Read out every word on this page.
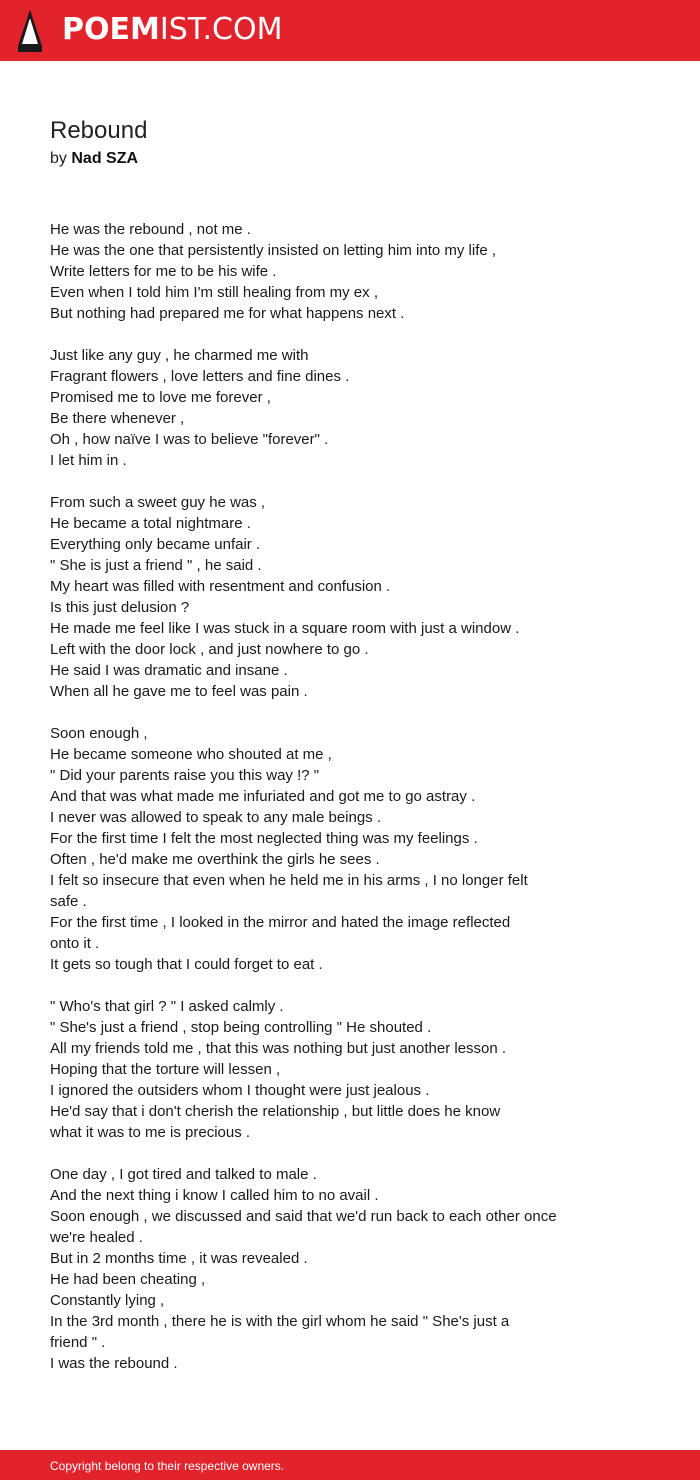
POEMIST.COM
Rebound
by Nad SZA
He was the rebound , not me .
He was the one that persistently insisted on letting him into my life ,
Write letters for me to be his wife .
Even when I told him I'm still healing from my ex ,
But nothing had prepared me for what happens next .
Just like any guy , he charmed me with
Fragrant flowers , love letters and fine dines .
Promised me to love me forever ,
Be there whenever ,
Oh , how naïve I was to believe "forever" .
I let him in .
From such a sweet guy he was ,
He became a total nightmare .
Everything only became unfair .
" She is just a friend " , he said .
My heart was filled with resentment and confusion .
Is this just delusion ?
He made me feel like I was stuck in a square room with just a window .
Left with the door lock , and just nowhere to go .
He said I was dramatic and insane .
When all he gave me to feel was pain .
Soon enough ,
He became someone who shouted at me ,
" Did your parents raise you this way !? "
And that was what made me infuriated and got me to go astray .
I never was allowed to speak to any male beings .
For the first time I felt the most neglected thing was my feelings .
Often , he'd make me overthink the girls he sees .
I felt so insecure that even when he held me in his arms , I no longer felt
safe .
For the first time , I looked in the mirror and hated the image reflected
onto it .
It gets so tough that I could forget to eat .
" Who's that girl ? " I asked calmly .
" She's just a friend , stop being controlling " He shouted .
All my friends told me , that this was nothing but just another lesson .
Hoping that the torture will lessen ,
I ignored the outsiders whom I thought were just jealous .
He'd say that i don't cherish the relationship , but little does he know
what it was to me is precious .
One day , I got tired and talked to male .
And the next thing i know I called him to no avail .
Soon enough , we discussed and said that we'd run back to each other once
we're healed .
But in 2 months time , it was revealed .
He had been cheating ,
Constantly lying ,
In the 3rd month , there he is with the girl whom he said " She's just a
friend " .
I was the rebound .
Copyright belong to their respective owners.
